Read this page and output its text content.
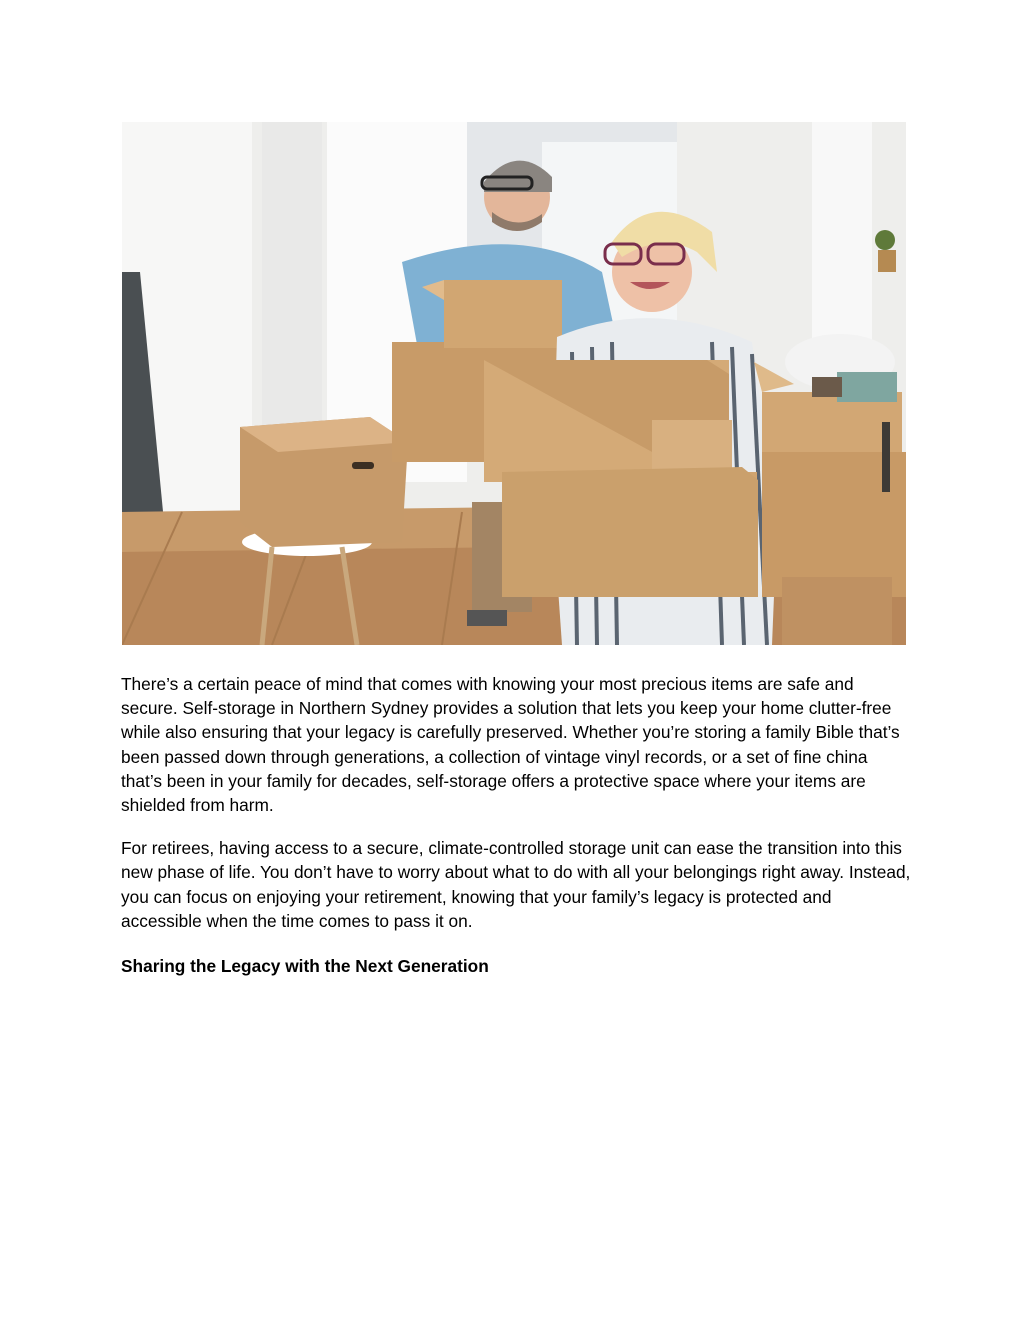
There’s a certain peace of mind that comes with knowing your most precious items are safe and secure. Self-storage in Northern Sydney provides a solution that lets you keep your home clutter-free while also ensuring that your legacy is carefully preserved. Whether you’re storing a family Bible that’s been passed down through generations, a collection of vintage vinyl records, or a set of fine china that’s been in your family for decades, self-storage offers a protective space where your items are shielded from harm.

For retirees, having access to a secure, climate-controlled storage unit can ease the transition into this new phase of life. You don’t have to worry about what to do with all your belongings right away. Instead, you can focus on enjoying your retirement, knowing that your family’s legacy is protected and accessible when the time comes to pass it on.

Sharing the Legacy with the Next Generation
